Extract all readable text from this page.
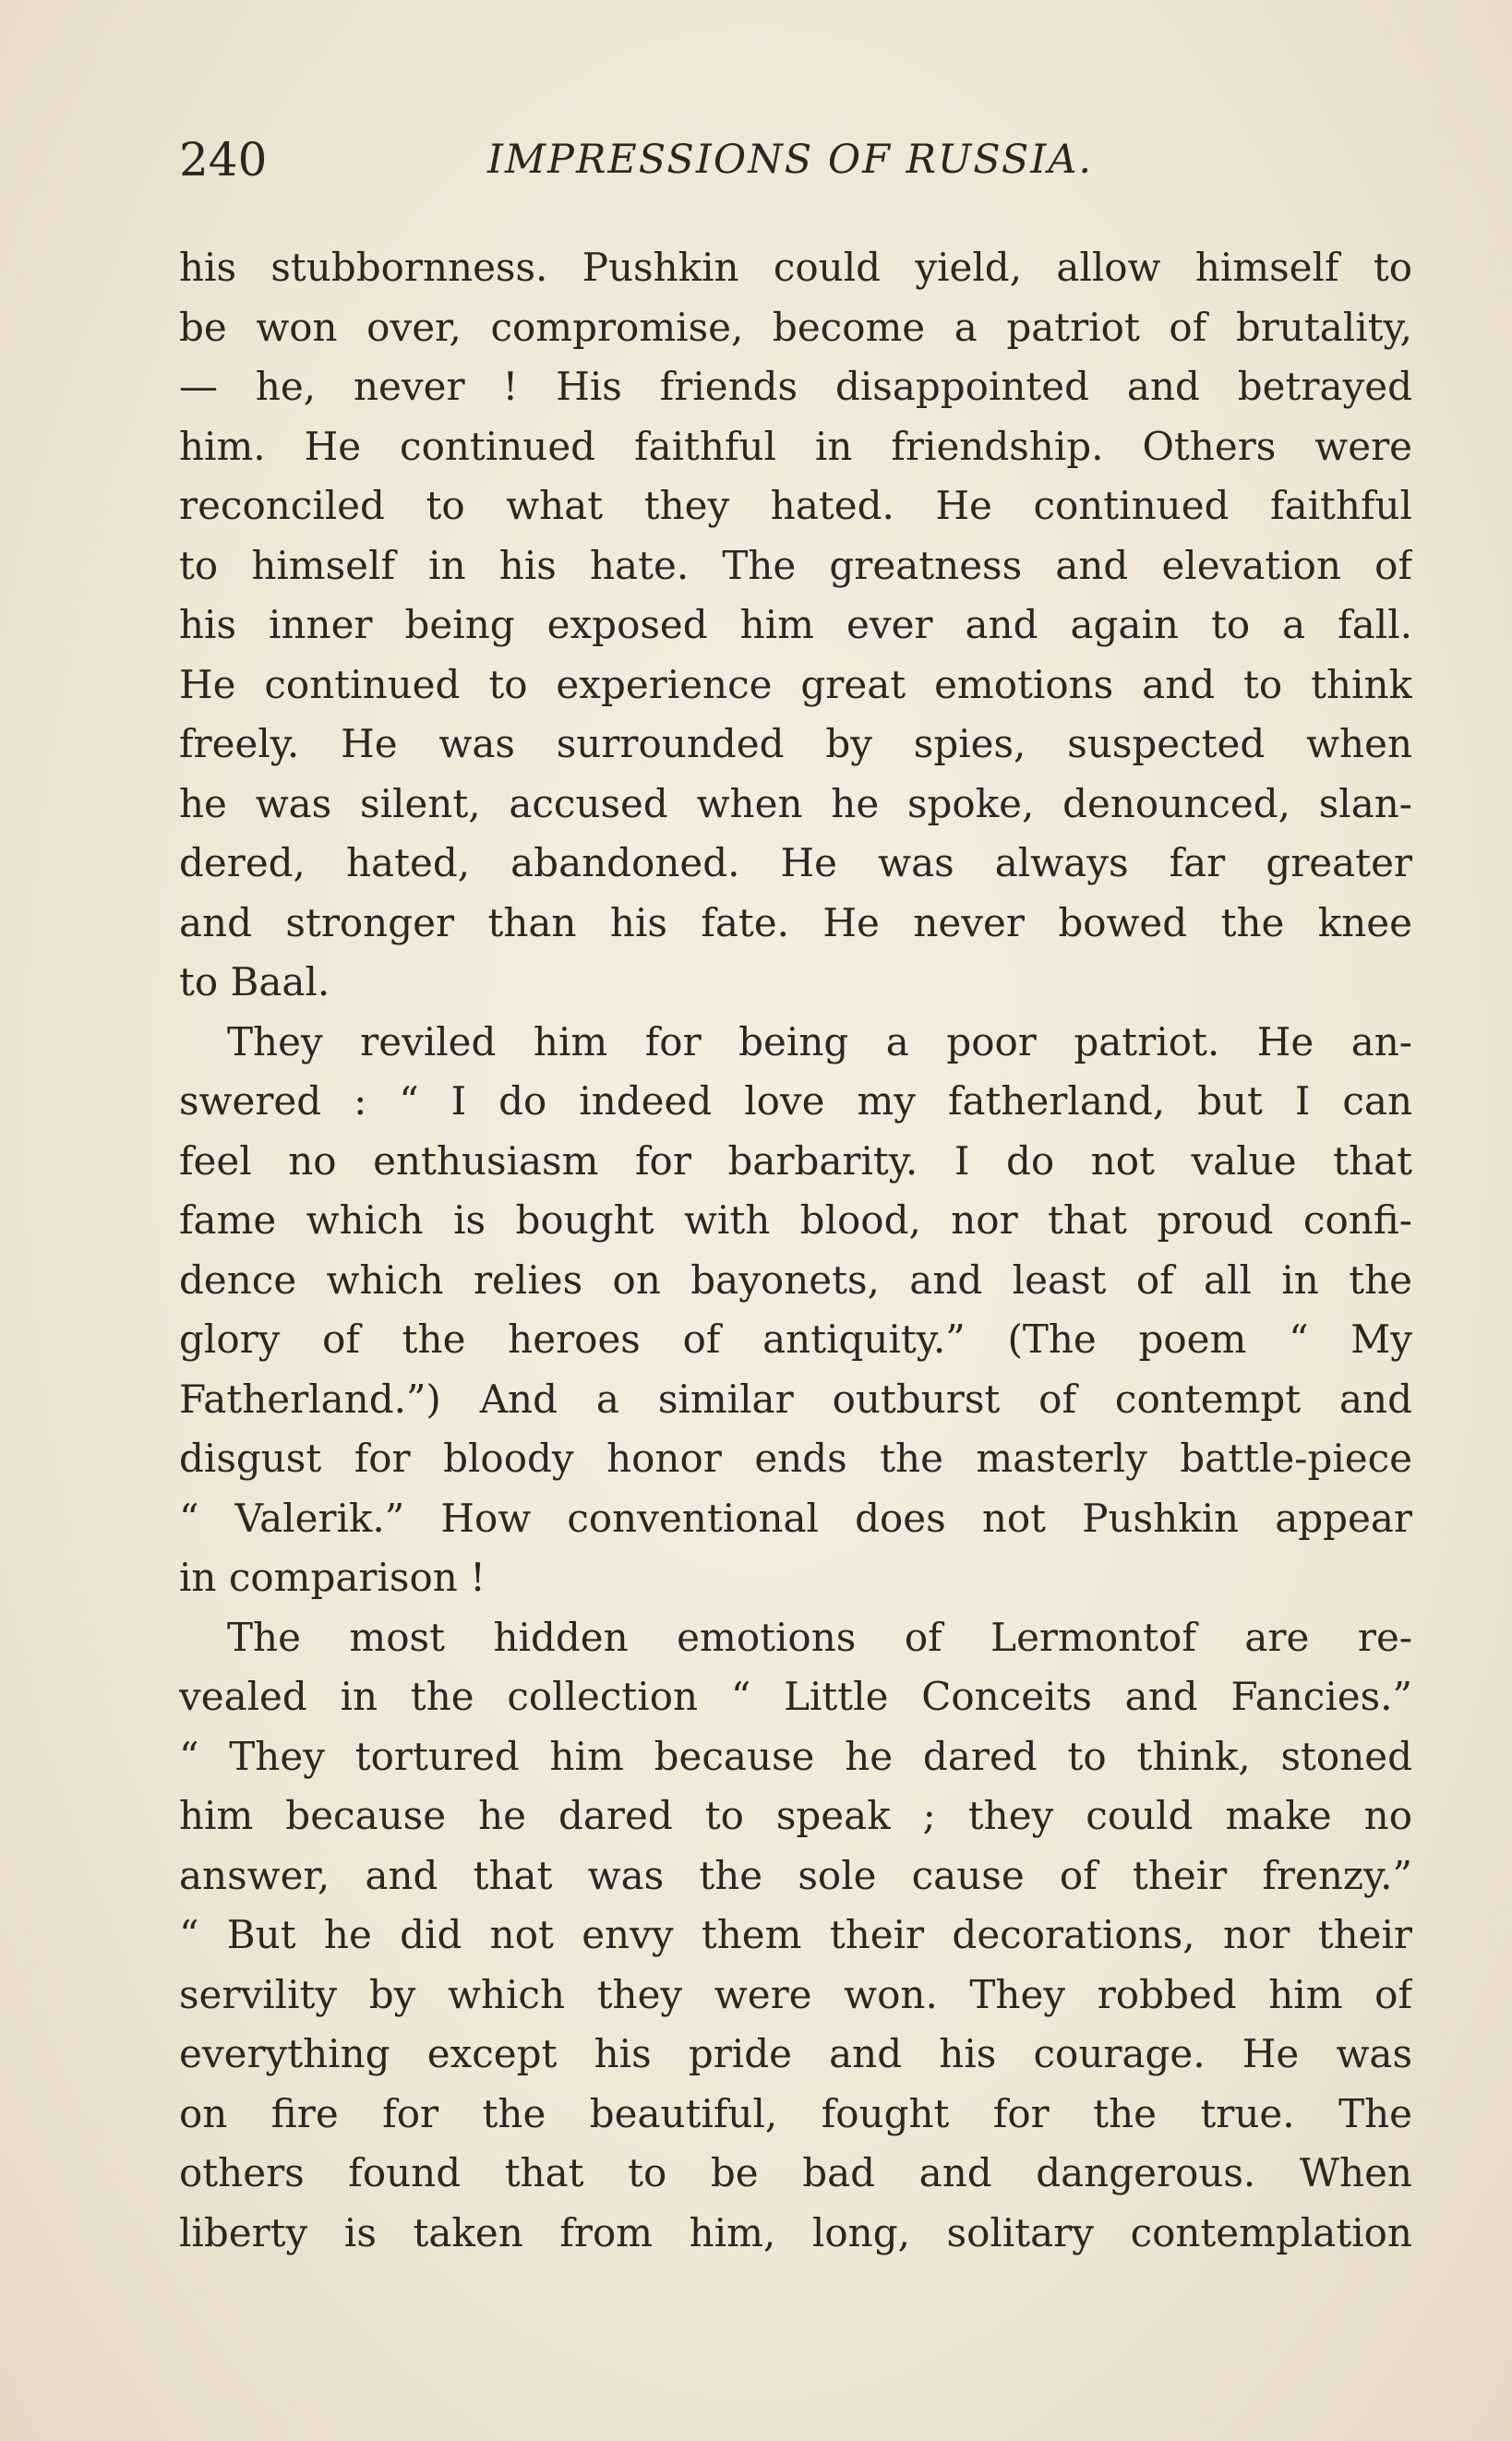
240	IMPRESSIONS OF RUSSIA.
his stubbornness. Pushkin could yield, allow himself to
be won over, compromise, become a patriot of brutality,
— he, never ! His friends disappointed and betrayed
him. He continued faithful in friendship. Others were
reconciled to what they hated. He continued faithful
to himself in his hate. The greatness and elevation of
his inner being exposed him ever and again to a fall.
He continued to experience great emotions and to think
freely. He was surrounded by spies, suspected when
he was silent, accused when he spoke, denounced, slan-
dered, hated, abandoned. He was always far greater
and stronger than his fate. He never bowed the knee
to Baal.
They reviled him for being a poor patriot. He an-
swered : “ I do indeed love my fatherland, but I can
feel no enthusiasm for barbarity. I do not value that
fame which is bought with blood, nor that proud confi-
dence which relies on bayonets, and least of all in the
glory of the heroes of antiquity.” (The poem “ My
Fatherland.”) And a similar outburst of contempt and
disgust for bloody honor ends the masterly battle-piece
“ Valerik.” How conventional does not Pushkin appear
in comparison !
The most hidden emotions of Lermontof are re-
vealed in the collection “ Little Conceits and Fancies.”
“ They tortured him because he dared to think, stoned
him because he dared to speak ; they could make no
answer, and that was the sole cause of their frenzy.”
“ But he did not envy them their decorations, nor their
servility by which they were won. They robbed him of
everything except his pride and his courage. He was
on fire for the beautiful, fought for the true. The
others found that to be bad and dangerous. When
liberty is taken from him, long, solitary contemplation
